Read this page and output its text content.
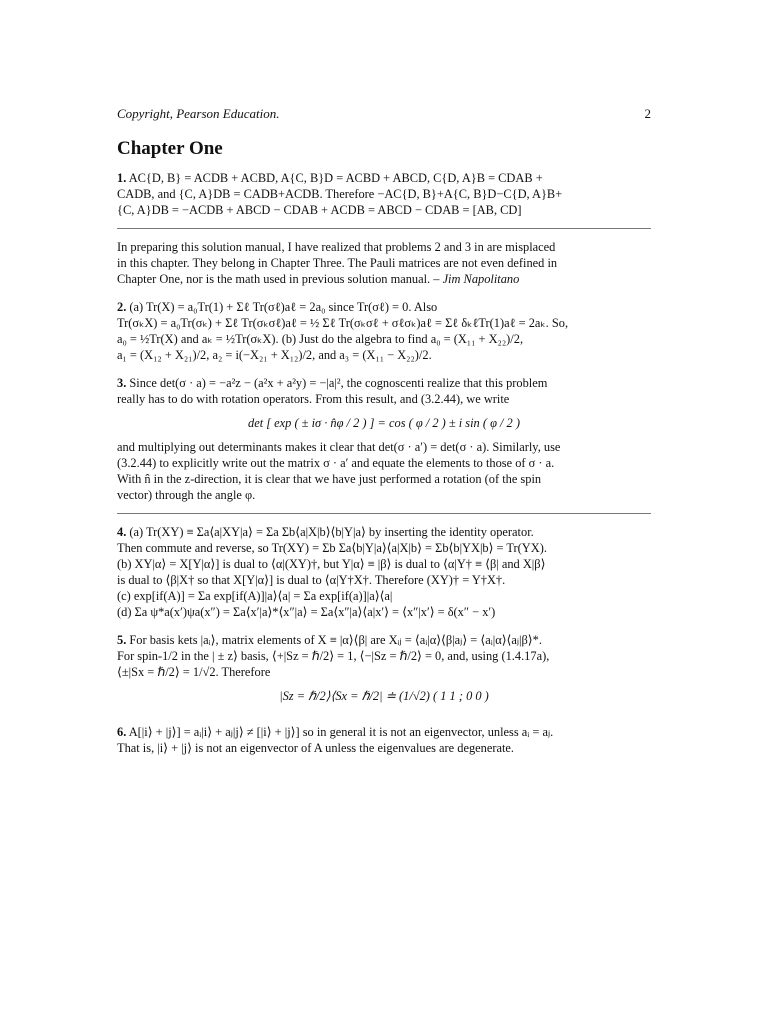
Copyright, Pearson Education.	2
Chapter One
1. AC{D, B} = ACDB + ACBD, A{C, B}D = ACBD + ABCD, C{D, A}B = CDAB +
CADB, and {C, A}DB = CADB+ACDB. Therefore −AC{D, B}+A{C, B}D−C{D, A}B+
{C, A}DB = −ACDB + ABCD − CDAB + ACDB = ABCD − CDAB = [AB, CD]
In preparing this solution manual, I have realized that problems 2 and 3 in are misplaced
in this chapter. They belong in Chapter Three. The Pauli matrices are not even defined in
Chapter One, nor is the math used in previous solution manual. – Jim Napolitano
2. (a) Tr(X) = a₀Tr(1) + Σℓ Tr(σℓ)aℓ = 2a₀ since Tr(σℓ) = 0. Also
Tr(σₖX) = a₀Tr(σₖ) + Σℓ Tr(σₖσℓ)aℓ = ½ Σℓ Tr(σₖσℓ + σℓσₖ)aℓ = Σℓ δₖℓTr(1)aℓ = 2aₖ. So,
a₀ = ½Tr(X) and aₖ = ½Tr(σₖX). (b) Just do the algebra to find a₀ = (X₁₁ + X₂₂)/2,
a₁ = (X₁₂ + X₂₁)/2, a₂ = i(−X₂₁ + X₁₂)/2, and a₃ = (X₁₁ − X₂₂)/2.
3. Since det(σ · a) = −a²z − (a²x + a²y) = −|a|², the cognoscenti realize that this problem
really has to do with rotation operators. From this result, and (3.2.44), we write
det [ exp ( ± iσ · n̂φ / 2 ) ] = cos ( φ / 2 ) ± i sin ( φ / 2 )
and multiplying out determinants makes it clear that det(σ · a′) = det(σ · a). Similarly, use
(3.2.44) to explicitly write out the matrix σ · a′ and equate the elements to those of σ · a.
With n̂ in the z-direction, it is clear that we have just performed a rotation (of the spin
vector) through the angle φ.
4. (a) Tr(XY) ≡ Σa⟨a|XY|a⟩ = Σa Σb⟨a|X|b⟩⟨b|Y|a⟩ by inserting the identity operator.
Then commute and reverse, so Tr(XY) = Σb Σa⟨b|Y|a⟩⟨a|X|b⟩ = Σb⟨b|YX|b⟩ = Tr(YX).
(b) XY|α⟩ = X[Y|α⟩] is dual to ⟨α|(XY)†, but Y|α⟩ ≡ |β⟩ is dual to ⟨α|Y† ≡ ⟨β| and X|β⟩
is dual to ⟨β|X† so that X[Y|α⟩] is dual to ⟨α|Y†X†. Therefore (XY)† = Y†X†.
(c) exp[if(A)] = Σa exp[if(A)]|a⟩⟨a| = Σa exp[if(a)]|a⟩⟨a|
(d) Σa ψ*a(x′)ψa(x″) = Σa⟨x′|a⟩*⟨x″|a⟩ = Σa⟨x″|a⟩⟨a|x′⟩ = ⟨x″|x′⟩ = δ(x″ − x′)
5. For basis kets |aᵢ⟩, matrix elements of X ≡ |α⟩⟨β| are Xᵢⱼ = ⟨aᵢ|α⟩⟨β|aⱼ⟩ = ⟨aᵢ|α⟩⟨aⱼ|β⟩*.
For spin-1/2 in the | ± z⟩ basis, ⟨+|Sz = ℏ/2⟩ = 1, ⟨−|Sz = ℏ/2⟩ = 0, and, using (1.4.17a),
⟨±|Sx = ℏ/2⟩ = 1/√2. Therefore
|Sz = ℏ/2⟩⟨Sx = ℏ/2| ≐ (1/√2) ( 1 1 ; 0 0 )
6. A[|i⟩ + |j⟩] = aᵢ|i⟩ + aⱼ|j⟩ ≠ [|i⟩ + |j⟩] so in general it is not an eigenvector, unless aᵢ = aⱼ.
That is, |i⟩ + |j⟩ is not an eigenvector of A unless the eigenvalues are degenerate.
